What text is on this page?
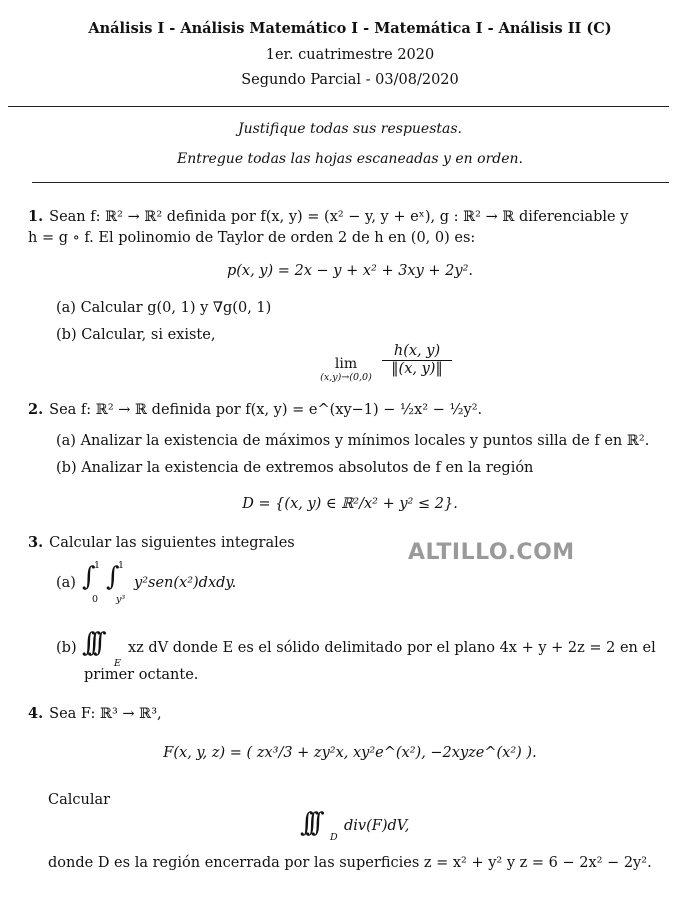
Análisis I - Análisis Matemático I - Matemática I - Análisis II (C)
1er. cuatrimestre 2020
Segundo Parcial - 03/08/2020
Justifique todas sus respuestas.
Entregue todas las hojas escaneadas y en orden.
1. Sean f: ℝ² → ℝ² definida por f(x, y) = (x² − y, y + eˣ), g : ℝ² → ℝ diferenciable y
h = g ∘ f. El polinomio de Taylor de orden 2 de h en (0, 0) es:
p(x, y) = 2x − y + x² + 3xy + 2y².
(a) Calcular g(0, 1) y ∇g(0, 1)
(b) Calcular, si existe,
lim
(x,y)→(0,0)
$\frac{h(x, y)}{‖(x, y)‖}$
2. Sea f: ℝ² → ℝ definida por f(x, y) = e^(xy−1) − ½x² − ½y².
(a) Analizar la existencia de máximos y mínimos locales y puntos silla de f en ℝ².
(b) Analizar la existencia de extremos absolutos de f en la región
D = {(x, y) ∈ ℝ²/x² + y² ≤ 2}.
3. Calcular las siguientes integrales	ALTILLO.COM
(a) ∫
1
0
∫
1
y³
y²sen(x²)dxdy.
(b) ∫∫∫
E
xz dV donde E es el sólido delimitado por el plano 4x + y + 2z = 2 en el
primer octante.
4. Sea F: ℝ³ → ℝ³,
F(x, y, z) = ( zx³/3 + zy²x, xy²e^(x²), −2xyze^(x²) ).
Calcular
∫∫∫ D
div(F)dV,
donde D es la región encerrada por las superficies z = x² + y² y z = 6 − 2x² − 2y².
